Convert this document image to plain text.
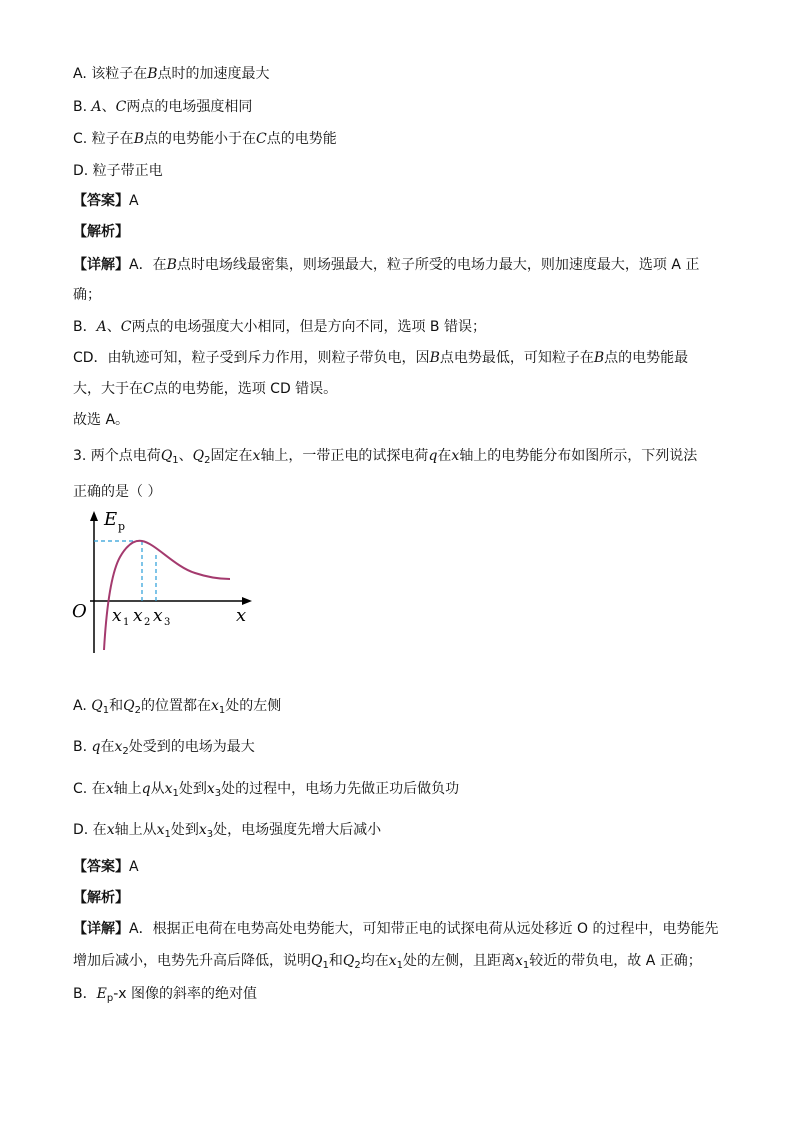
A. 该粒子在B点时的加速度最大
B. A、C两点的电场强度相同
C. 粒子在B点的电势能小于在C点的电势能
D. 粒子带正电
【答案】A
【解析】
【详解】A．在B点时电场线最密集，则场强最大，粒子所受的电场力最大，则加速度最大，选项 A 正
确；
B．A、C两点的电场强度大小相同，但是方向不同，选项 B 错误；
CD．由轨迹可知，粒子受到斥力作用，则粒子带负电，因B点电势最低，可知粒子在B点的电势能最
大，大于在C点的电势能，选项 CD 错误。
故选 A。
3. 两个点电荷$Q_1$、$Q_2$固定在x轴上，一带正电的试探电荷q在x轴上的电势能分布如图所示，下列说法
正确的是（ ）
E p
O x 1 x 2 x 3	x
A. $Q_1$和$Q_2$的位置都在$x_1$处的左侧
B. q在$x_2$处受到的电场为最大
C. 在x轴上q从$x_1$处到$x_3$处的过程中，电场力先做正功后做负功
D. 在x轴上从$x_1$处到$x_3$处，电场强度先增大后减小
【答案】A
【解析】
【详解】A．根据正电荷在电势高处电势能大，可知带正电的试探电荷从远处移近 O 的过程中，电势能先
增加后减小，电势先升高后降低，说明$Q_1$和$Q_2$均在$x_1$处的左侧，且距离$x_1$较近的带负电，故 A 正确；
B．$E_p-x$ 图像的斜率的绝对值
